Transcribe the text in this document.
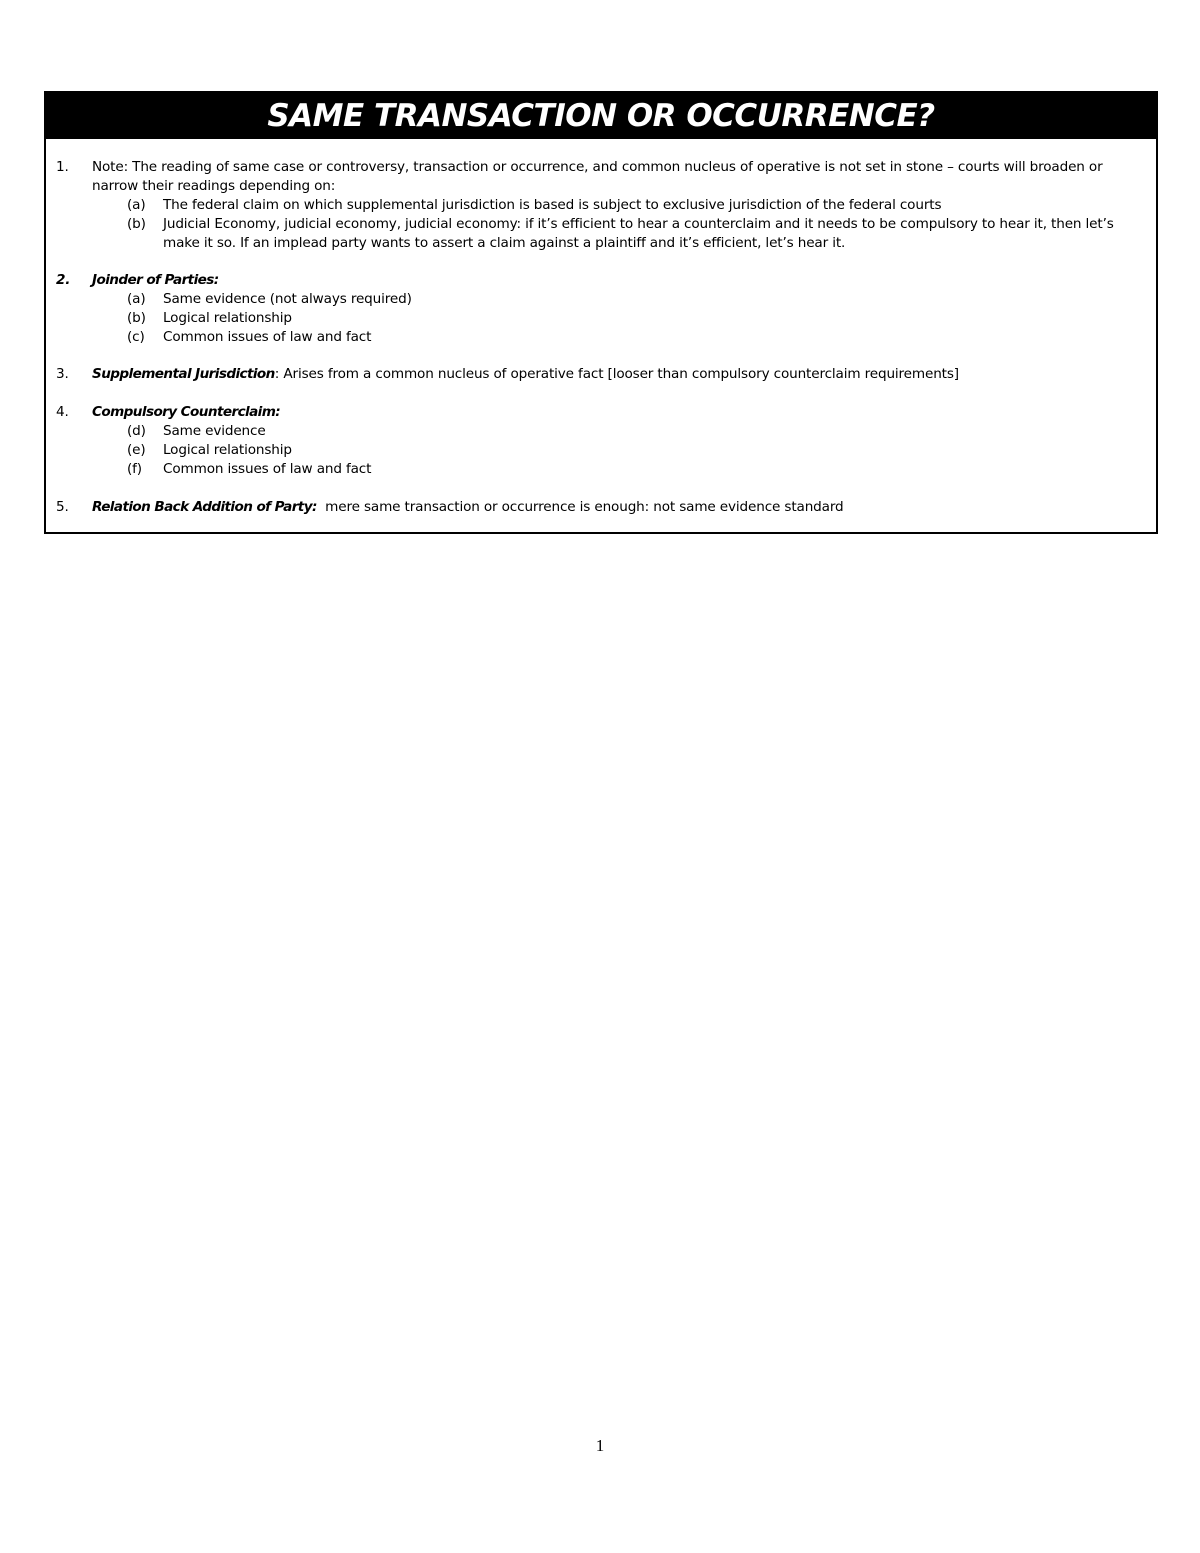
SAME TRANSACTION OR OCCURRENCE?
1.	Note: The reading of same case or controversy, transaction or occurrence, and common nucleus of operative is not set in stone – courts will broaden or narrow their readings depending on:
(a) The federal claim on which supplemental jurisdiction is based is subject to exclusive jurisdiction of the federal courts
(b) Judicial Economy, judicial economy, judicial economy: if it’s efficient to hear a counterclaim and it needs to be compulsory to hear it, then let’s make it so. If an implead party wants to assert a claim against a plaintiff and it’s efficient, let’s hear it.
2.	Joinder of Parties:
(a) Same evidence (not always required)
(b) Logical relationship
(c) Common issues of law and fact
3.	Supplemental Jurisdiction: Arises from a common nucleus of operative fact [looser than compulsory counterclaim requirements]
4.	Compulsory Counterclaim:
(d) Same evidence
(e) Logical relationship
(f) Common issues of law and fact
5.	Relation Back Addition of Party:  mere same transaction or occurrence is enough: not same evidence standard
1
